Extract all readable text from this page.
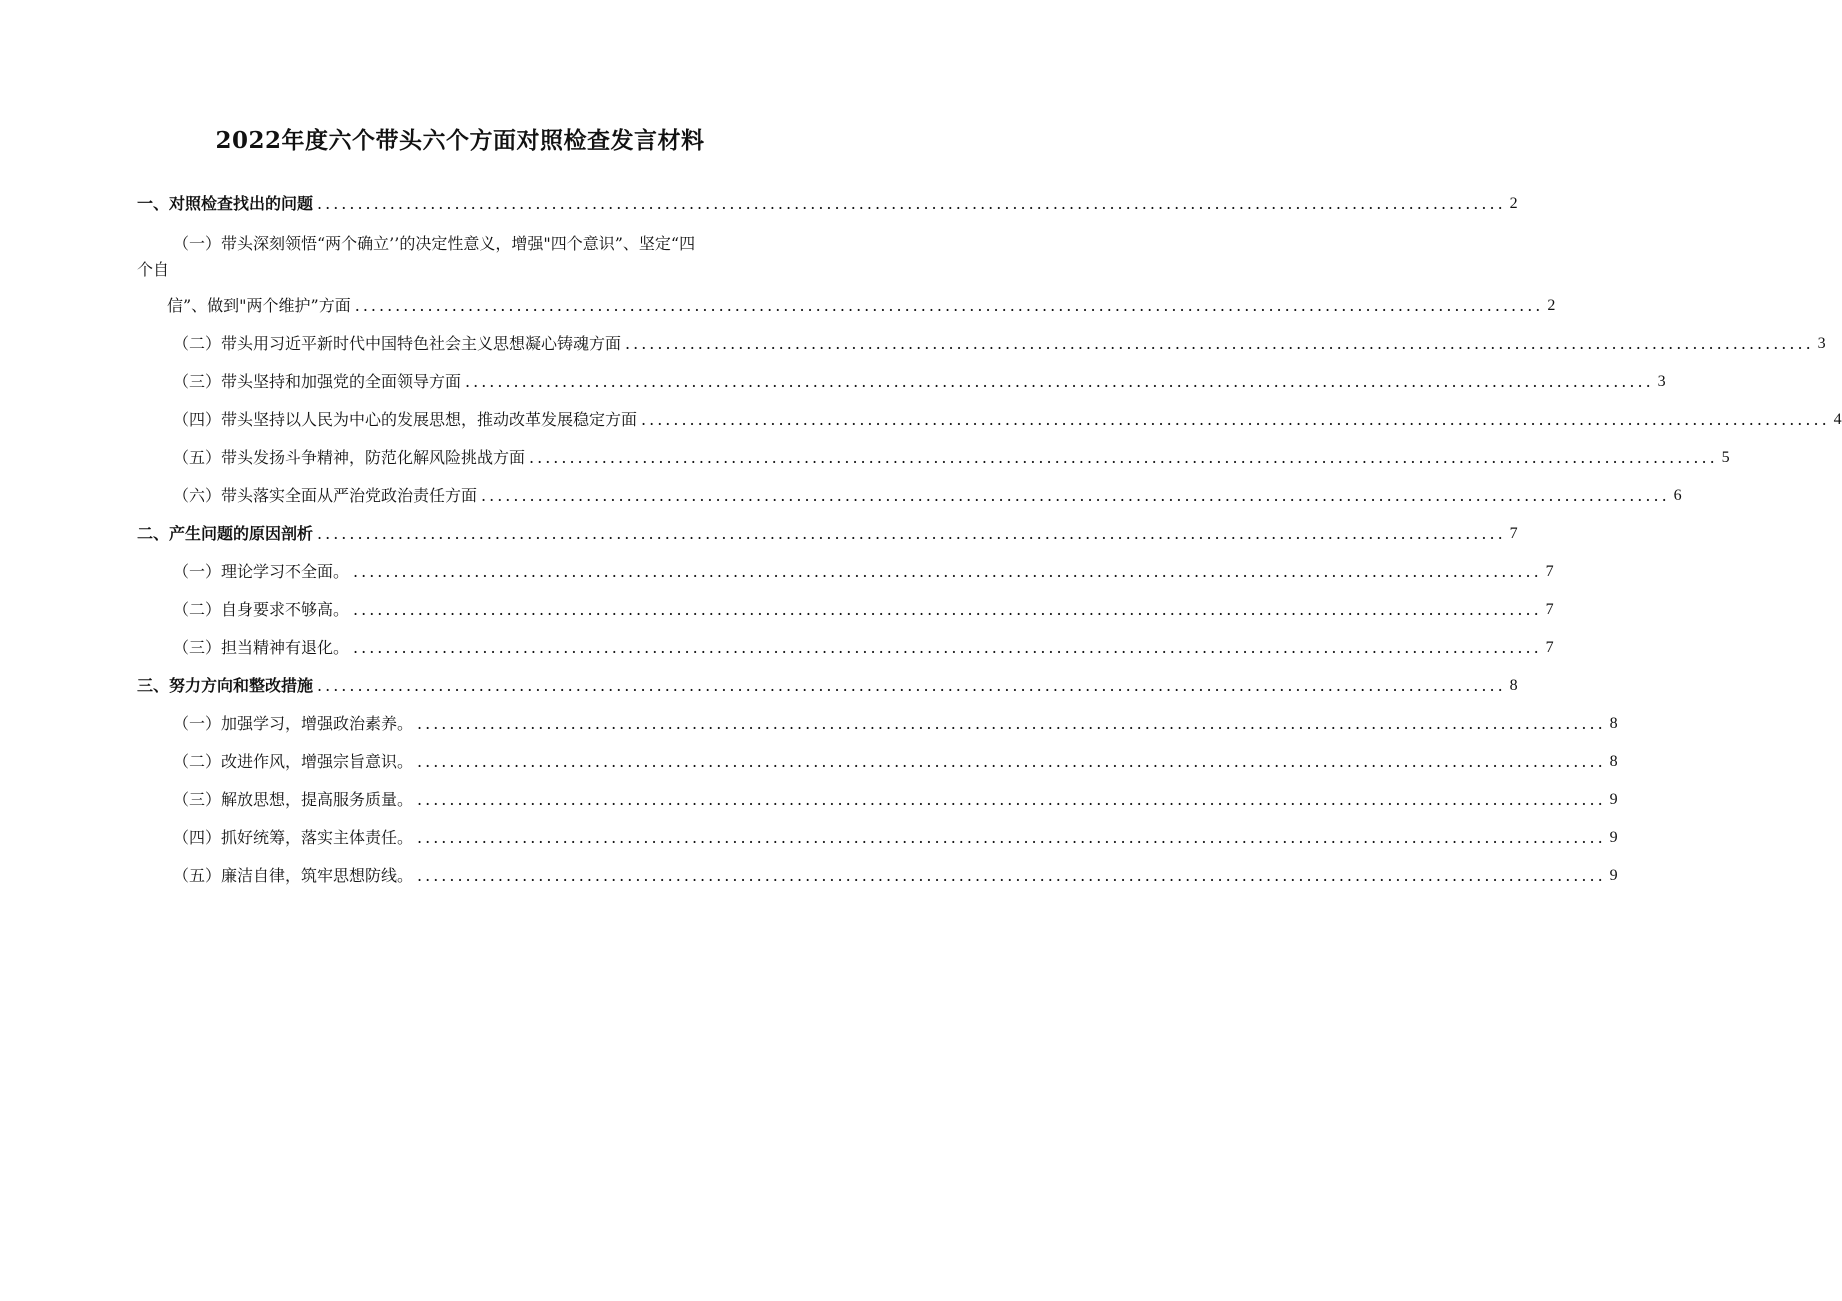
2022年度六个带头六个方面对照检查发言材料
一、对照检查找出的问题 ................................................................................................................................................... 2
（一）带头深刻领悟“两个确立’’的决定性意义，增强"四个意识”、坚定“四
个自
信”、做到"两个维护”方面 ................................................................................................................................................... 2
（二）带头用习近平新时代中国特色社会主义思想凝心铸魂方面 ................................................................................................................................................... 3
（三）带头坚持和加强党的全面领导方面 ................................................................................................................................................... 3
（四）带头坚持以人民为中心的发展思想，推动改革发展稳定方面 ................................................................................................................................................... 4
（五）带头发扬斗争精神，防范化解风险挑战方面 ................................................................................................................................................... 5
（六）带头落实全面从严治党政治责任方面 ................................................................................................................................................... 6
二、产生问题的原因剖析 ................................................................................................................................................... 7
（一）理论学习不全面。 ................................................................................................................................................... 7
（二）自身要求不够高。 ................................................................................................................................................... 7
（三）担当精神有退化。 ................................................................................................................................................... 7
三、努力方向和整改措施 ................................................................................................................................................... 8
（一）加强学习，增强政治素养。 ................................................................................................................................................... 8
（二）改进作风，增强宗旨意识。 ................................................................................................................................................... 8
（三）解放思想，提高服务质量。 ................................................................................................................................................... 9
（四）抓好统筹，落实主体责任。 ................................................................................................................................................... 9
（五）廉洁自律，筑牢思想防线。 ................................................................................................................................................... 9
